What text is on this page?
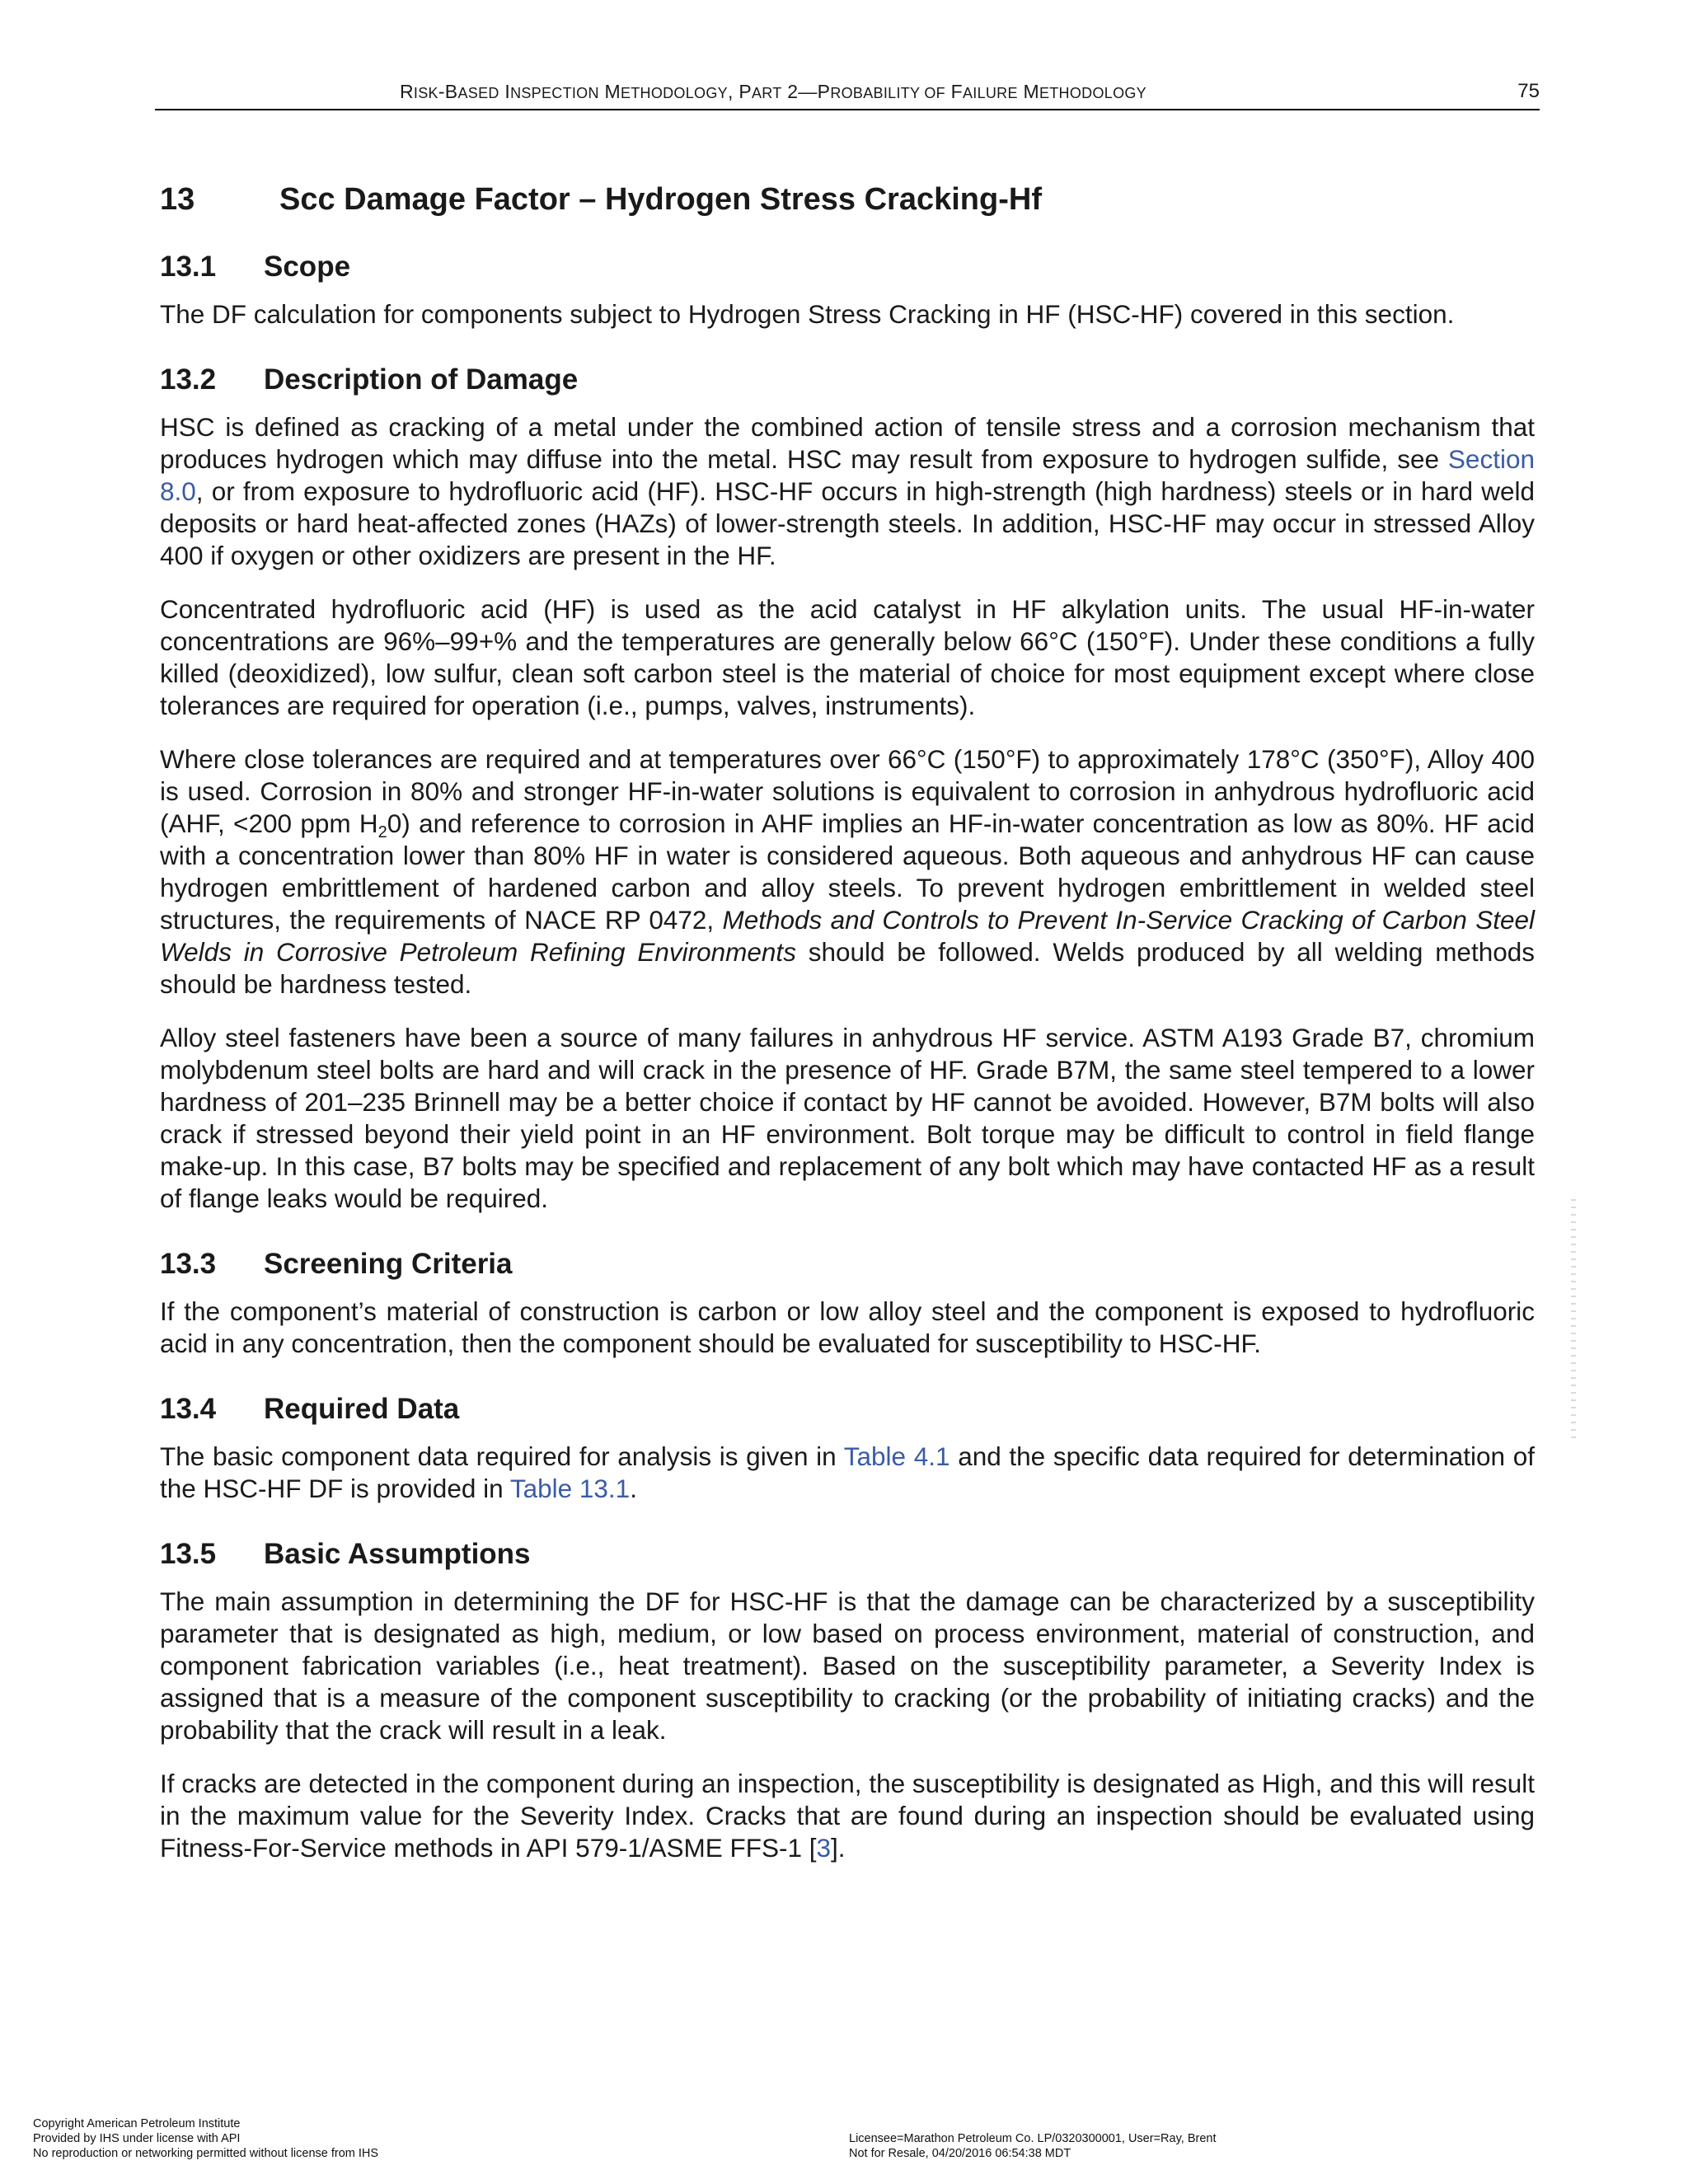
RISK-BASED INSPECTION METHODOLOGY, PART 2—PROBABILITY OF FAILURE METHODOLOGY	75
13	Scc Damage Factor – Hydrogen Stress Cracking-Hf
13.1 Scope

The DF calculation for components subject to Hydrogen Stress Cracking in HF (HSC-HF) covered in this section.

13.2 Description of Damage

HSC is defined as cracking of a metal under the combined action of tensile stress and a corrosion mechanism that produces hydrogen which may diffuse into the metal. HSC may result from exposure to hydrogen sulfide, see Section 8.0, or from exposure to hydrofluoric acid (HF). HSC-HF occurs in high-strength (high hardness) steels or in hard weld deposits or hard heat-affected zones (HAZs) of lower-strength steels. In addition, HSC-HF may occur in stressed Alloy 400 if oxygen or other oxidizers are present in the HF.

Concentrated hydrofluoric acid (HF) is used as the acid catalyst in HF alkylation units. The usual HF-in-water concentrations are 96%–99+% and the temperatures are generally below 66°C (150°F). Under these conditions a fully killed (deoxidized), low sulfur, clean soft carbon steel is the material of choice for most equipment except where close tolerances are required for operation (i.e., pumps, valves, instruments).

Where close tolerances are required and at temperatures over 66°C (150°F) to approximately 178°C (350°F), Alloy 400 is used. Corrosion in 80% and stronger HF-in-water solutions is equivalent to corrosion in anhydrous hydrofluoric acid (AHF, <200 ppm $H_20$) and reference to corrosion in AHF implies an HF-in-water concentration as low as 80%. HF acid with a concentration lower than 80% HF in water is considered aqueous. Both aqueous and anhydrous HF can cause hydrogen embrittlement of hardened carbon and alloy steels. To prevent hydrogen embrittlement in welded steel structures, the requirements of NACE RP 0472, Methods and Controls to Prevent In-Service Cracking of Carbon Steel Welds in Corrosive Petroleum Refining Environments should be followed. Welds produced by all welding methods should be hardness tested.

Alloy steel fasteners have been a source of many failures in anhydrous HF service. ASTM A193 Grade B7, chromium molybdenum steel bolts are hard and will crack in the presence of HF. Grade B7M, the same steel tempered to a lower hardness of 201–235 Brinnell may be a better choice if contact by HF cannot be avoided. However, B7M bolts will also crack if stressed beyond their yield point in an HF environment. Bolt torque may be difficult to control in field flange make-up. In this case, B7 bolts may be specified and replacement of any bolt which may have contacted HF as a result of flange leaks would be required.

13.3 Screening Criteria

If the component’s material of construction is carbon or low alloy steel and the component is exposed to hydrofluoric acid in any concentration, then the component should be evaluated for susceptibility to HSC-HF.

13.4 Required Data

The basic component data required for analysis is given in Table 4.1 and the specific data required for determination of the HSC-HF DF is provided in Table 13.1.

13.5 Basic Assumptions

The main assumption in determining the DF for HSC-HF is that the damage can be characterized by a susceptibility parameter that is designated as high, medium, or low based on process environment, material of construction, and component fabrication variables (i.e., heat treatment). Based on the susceptibility parameter, a Severity Index is assigned that is a measure of the component susceptibility to cracking (or the probability of initiating cracks) and the probability that the crack will result in a leak.

If cracks are detected in the component during an inspection, the susceptibility is designated as High, and this will result in the maximum value for the Severity Index. Cracks that are found during an inspection should be evaluated using Fitness-For-Service methods in API 579-1/ASME FFS-1 [3].

Copyright American Petroleum Institute
Provided by IHS under license with API
No reproduction or networking permitted without license from IHS
Licensee=Marathon Petroleum Co. LP/0320300001, User=Ray, Brent
Not for Resale, 04/20/2016 06:54:38 MDT
